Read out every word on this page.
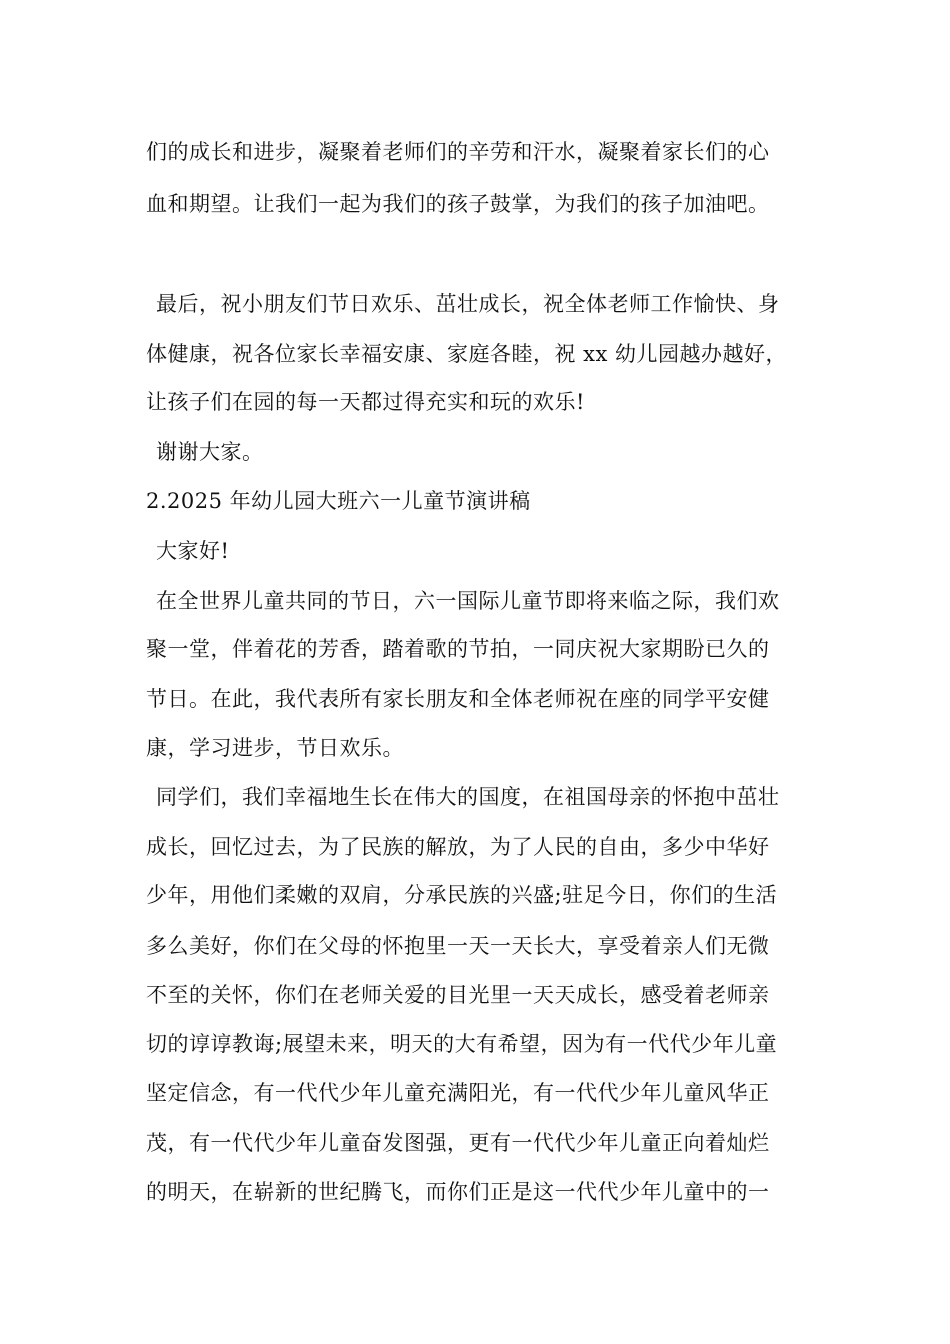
们的成长和进步，凝聚着老师们的辛劳和汗水，凝聚着家长们的心
血和期望。让我们一起为我们的孩子鼓掌，为我们的孩子加油吧。
最后，祝小朋友们节日欢乐、茁壮成长，祝全体老师工作愉快、身
体健康，祝各位家长幸福安康、家庭各睦，祝 xx 幼儿园越办越好，
让孩子们在园的每一天都过得充实和玩的欢乐!
谢谢大家。
2.2025 年幼儿园大班六一儿童节演讲稿
大家好!
在全世界儿童共同的节日，六一国际儿童节即将来临之际，我们欢
聚一堂，伴着花的芳香，踏着歌的节拍，一同庆祝大家期盼已久的
节日。在此，我代表所有家长朋友和全体老师祝在座的同学平安健
康，学习进步，节日欢乐。
同学们，我们幸福地生长在伟大的国度，在祖国母亲的怀抱中茁壮
成长，回忆过去，为了民族的解放，为了人民的自由，多少中华好
少年，用他们柔嫩的双肩，分承民族的兴盛;驻足今日，你们的生活
多么美好，你们在父母的怀抱里一天一天长大，享受着亲人们无微
不至的关怀，你们在老师关爱的目光里一天天成长，感受着老师亲
切的谆谆教诲;展望未来，明天的大有希望，因为有一代代少年儿童
坚定信念，有一代代少年儿童充满阳光，有一代代少年儿童风华正
茂，有一代代少年儿童奋发图强，更有一代代少年儿童正向着灿烂
的明天，在崭新的世纪腾飞，而你们正是这一代代少年儿童中的一
